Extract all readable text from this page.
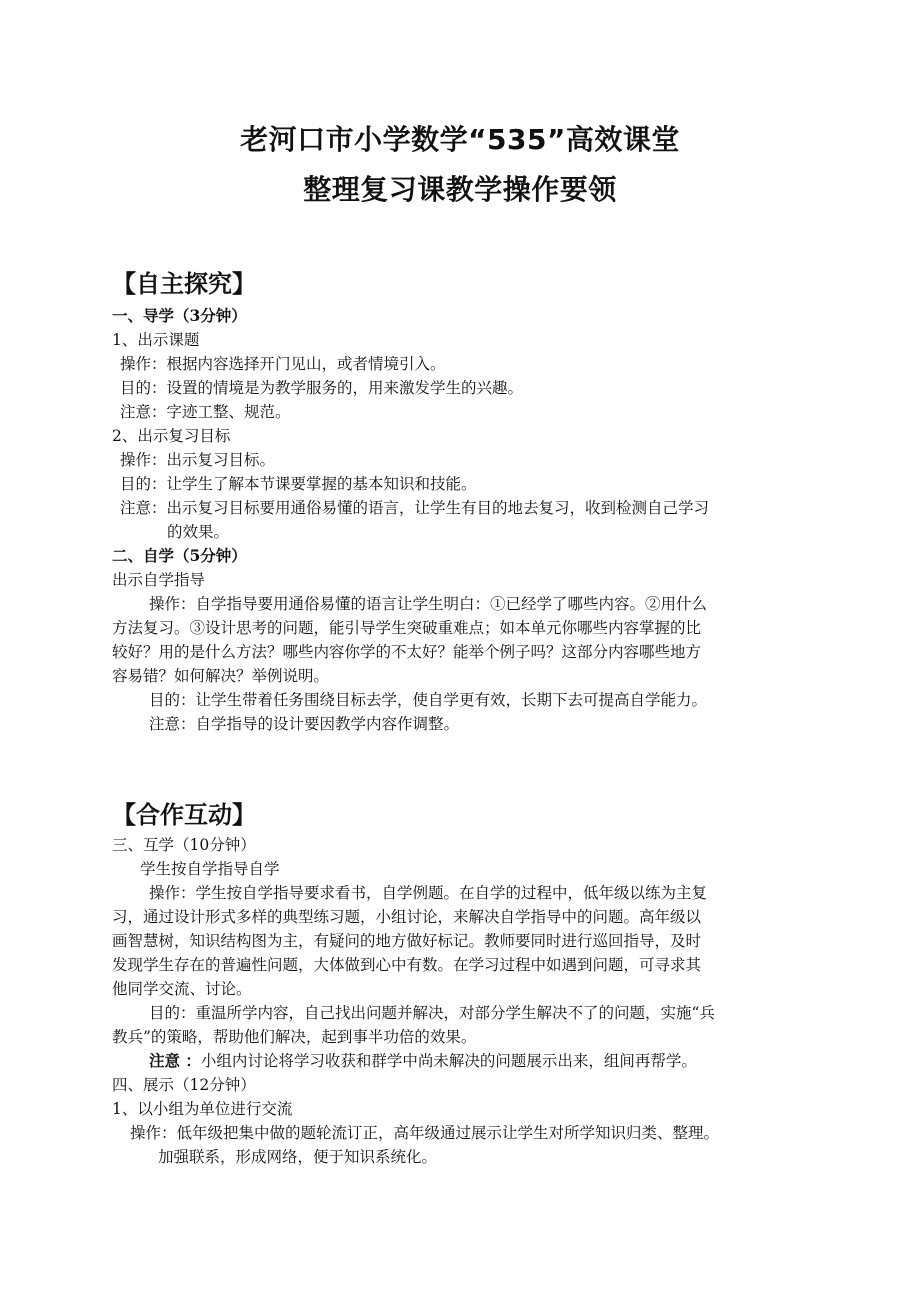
老河口市小学数学“535”高效课堂
整理复习课教学操作要领
【自主探究】
一、导学（3分钟）
1、出示课题
操作：根据内容选择开门见山，或者情境引入。
目的：设置的情境是为教学服务的，用来激发学生的兴趣。
注意：字迹工整、规范。
2、出示复习目标
操作：出示复习目标。
目的：让学生了解本节课要掌握的基本知识和技能。
注意：出示复习目标要用通俗易懂的语言，让学生有目的地去复习，收到检测自己学习
的效果。
二、自学（5分钟）
出示自学指导
操作：自学指导要用通俗易懂的语言让学生明白：①已经学了哪些内容。②用什么
方法复习。③设计思考的问题，能引导学生突破重难点；如本单元你哪些内容掌握的比
较好？用的是什么方法？哪些内容你学的不太好？能举个例子吗？这部分内容哪些地方
容易错？如何解决？举例说明。
目的：让学生带着任务围绕目标去学，使自学更有效，长期下去可提高自学能力。
注意：自学指导的设计要因教学内容作调整。
【合作互动】
三、互学（10分钟）
学生按自学指导自学
操作：学生按自学指导要求看书，自学例题。在自学的过程中，低年级以练为主复
习，通过设计形式多样的典型练习题，小组讨论，来解决自学指导中的问题。高年级以
画智慧树，知识结构图为主，有疑问的地方做好标记。教师要同时进行巡回指导，及时
发现学生存在的普遍性问题，大体做到心中有数。在学习过程中如遇到问题，可寻求其
他同学交流、讨论。
目的：重温所学内容，自己找出问题并解决，对部分学生解决不了的问题，实施“兵
教兵”的策略，帮助他们解决，起到事半功倍的效果。
注意 ：小组内讨论将学习收获和群学中尚未解决的问题展示出来，组间再帮学。
四、展示（12分钟）
1、以小组为单位进行交流
操作：低年级把集中做的题轮流订正，高年级通过展示让学生对所学知识归类、整理。
加强联系，形成网络，便于知识系统化。
